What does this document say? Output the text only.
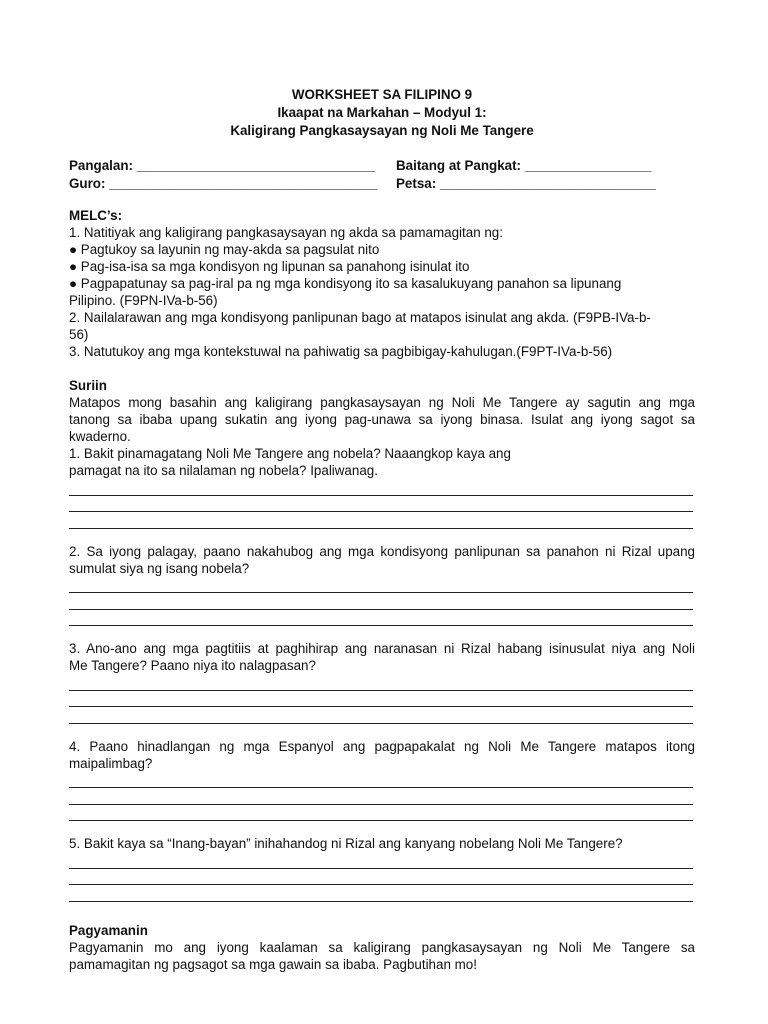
WORKSHEET SA FILIPINO 9
Ikaapat na Markahan – Modyul 1:
Kaligirang Pangkasaysayan ng Noli Me Tangere
Pangalan: ________________________________ Baitang at Pangkat: _________________
Guro: ____________________________________ Petsa: _____________________________
MELC’s:
1. Natitiyak ang kaligirang pangkasaysayan ng akda sa pamamagitan ng:
● Pagtukoy sa layunin ng may-akda sa pagsulat nito
● Pag-isa-isa sa mga kondisyon ng lipunan sa panahong isinulat ito
● Pagpapatunay sa pag-iral pa ng mga kondisyong ito sa kasalukuyang panahon sa lipunang
Pilipino. (F9PN-IVa-b-56)
2. Nailalarawan ang mga kondisyong panlipunan bago at matapos isinulat ang akda. (F9PB-IVa-b-
56)
3. Natutukoy ang mga kontekstuwal na pahiwatig sa pagbibigay-kahulugan.(F9PT-IVa-b-56)
Suriin
Matapos mong basahin ang kaligirang pangkasaysayan ng Noli Me Tangere ay sagutin ang mga
tanong sa ibaba upang sukatin ang iyong pag-unawa sa iyong binasa. Isulat ang iyong sagot sa
kwaderno.
1. Bakit pinamagatang Noli Me Tangere ang nobela? Naaangkop kaya ang
pamagat na ito sa nilalaman ng nobela? Ipaliwanag.
2. Sa iyong palagay, paano nakahubog ang mga kondisyong panlipunan sa panahon ni Rizal upang
sumulat siya ng isang nobela?
3. Ano-ano ang mga pagtitiis at paghihirap ang naranasan ni Rizal habang isinusulat niya ang Noli
Me Tangere? Paano niya ito nalagpasan?
4. Paano hinadlangan ng mga Espanyol ang pagpapakalat ng Noli Me Tangere matapos itong
maipalimbag?
5. Bakit kaya sa “Inang-bayan” inihahandog ni Rizal ang kanyang nobelang Noli Me Tangere?
Pagyamanin
Pagyamanin mo ang iyong kaalaman sa kaligirang pangkasaysayan ng Noli Me Tangere sa
pamamagitan ng pagsagot sa mga gawain sa ibaba. Pagbutihan mo!
